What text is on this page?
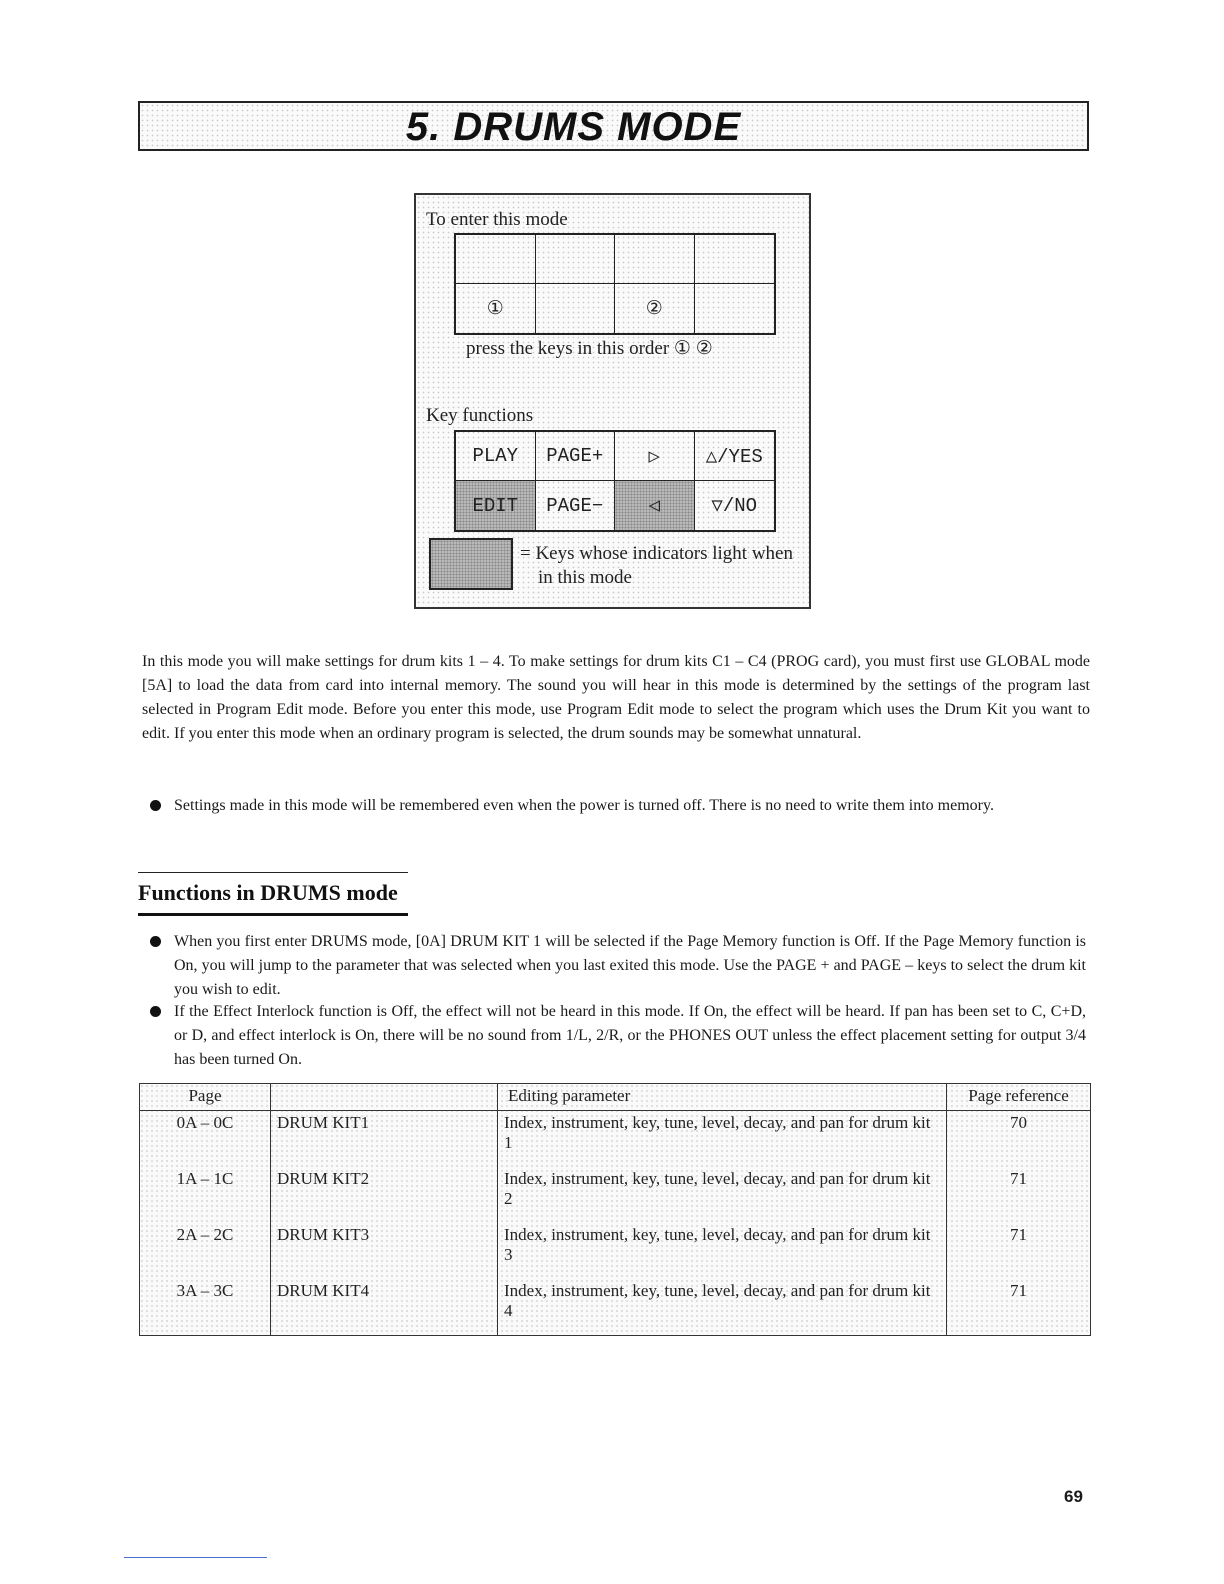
5. DRUMS MODE
To enter this mode
①	②
press the keys in this order ① ②
Key functions
PLAY	PAGE+	▷	△/YES
EDIT	PAGE−	◁	▽/NO
= Keys whose indicators light when
in this mode

In this mode you will make settings for drum kits 1 – 4. To make settings for drum kits C1 – C4 (PROG card), you must first use GLOBAL mode [5A] to load the data from card into internal memory. The sound you will hear in this mode is determined by the settings of the program last selected in Program Edit mode. Before you enter this mode, use Program Edit mode to select the program which uses the Drum Kit you want to edit. If you enter this mode when an ordinary program is selected, the drum sounds may be somewhat unnatural.

Settings made in this mode will be remembered even when the power is turned off. There is no need to write them into memory.
Functions in DRUMS mode
When you first enter DRUMS mode, [0A] DRUM KIT 1 will be selected if the Page Memory function is Off. If the Page Memory function is On, you will jump to the parameter that was selected when you last exited this mode. Use the PAGE + and PAGE – keys to select the drum kit you wish to edit.
If the Effect Interlock function is Off, the effect will not be heard in this mode. If On, the effect will be heard. If pan has been set to C, C+D, or D, and effect interlock is On, there will be no sound from 1/L, 2/R, or the PHONES OUT unless the effect placement setting for output 3/4 has been turned On.
Page		Editing parameter	Page reference
0A – 0C	DRUM KIT1	Index, instrument, key, tune, level, decay, and pan for drum kit 1	70
1A – 1C	DRUM KIT2	Index, instrument, key, tune, level, decay, and pan for drum kit 2	71
2A – 2C	DRUM KIT3	Index, instrument, key, tune, level, decay, and pan for drum kit 3	71
3A – 3C	DRUM KIT4	Index, instrument, key, tune, level, decay, and pan for drum kit 4	71
69
